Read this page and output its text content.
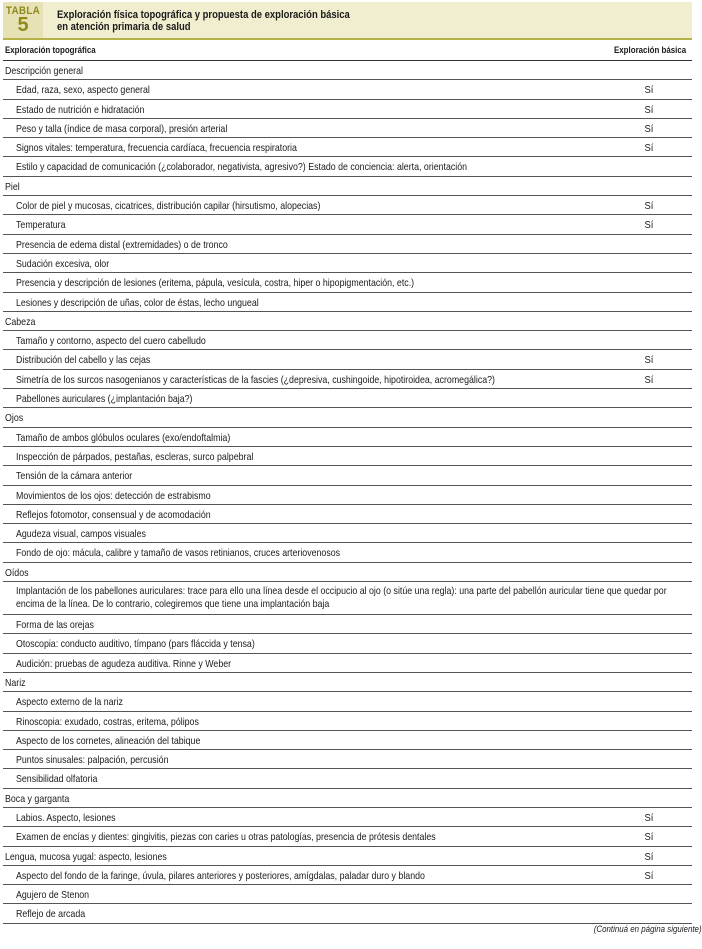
TABLA
5	Exploración física topográfica y propuesta de exploración básica
en atención primaria de salud
Exploración topográfica	Exploración básica
Descripción general
Edad, raza, sexo, aspecto general	Sí
Estado de nutrición e hidratación	Sí
Peso y talla (índice de masa corporal), presión arterial	Sí
Signos vitales: temperatura, frecuencia cardíaca, frecuencia respiratoria	Sí
Estilo y capacidad de comunicación (¿colaborador, negativista, agresivo?) Estado de conciencia: alerta, orientación
Piel
Color de piel y mucosas, cicatrices, distribución capilar (hirsutismo, alopecias)	Sí
Temperatura	Sí
Presencia de edema distal (extremidades) o de tronco
Sudación excesiva, olor
Presencia y descripción de lesiones (eritema, pápula, vesícula, costra, hiper o hipopigmentación, etc.)
Lesiones y descripción de uñas, color de éstas, lecho ungueal
Cabeza
Tamaño y contorno, aspecto del cuero cabelludo
Distribución del cabello y las cejas	Sí
Simetría de los surcos nasogenianos y características de la fascies (¿depresiva, cushingoide, hipotiroidea, acromegálica?)	Sí
Pabellones auriculares (¿implantación baja?)
Ojos
Tamaño de ambos glóbulos oculares (exo/endoftalmia)
Inspección de párpados, pestañas, escleras, surco palpebral
Tensión de la cámara anterior
Movimientos de los ojos: detección de estrabismo
Reflejos fotomotor, consensual y de acomodación
Agudeza visual, campos visuales
Fondo de ojo: mácula, calibre y tamaño de vasos retinianos, cruces arteriovenosos
Oídos
Implantación de los pabellones auriculares: trace para ello una línea desde el occipucio al ojo (o sitúe una regla): una parte del pabellón auricular tiene que quedar por encima de la línea. De lo contrario, colegiremos que tiene una implantación baja
Forma de las orejas
Otoscopia: conducto auditivo, tímpano (pars fláccida y tensa)
Audición: pruebas de agudeza auditiva. Rinne y Weber
Nariz
Aspecto externo de la nariz
Rinoscopia: exudado, costras, eritema, pólipos
Aspecto de los cornetes, alineación del tabique
Puntos sinusales: palpación, percusión
Sensibilidad olfatoria
Boca y garganta
Labios. Aspecto, lesiones	Sí
Examen de encías y dientes: gingivitis, piezas con caries u otras patologías, presencia de prótesis dentales	Sí
Lengua, mucosa yugal: aspecto, lesiones	Sí
Aspecto del fondo de la faringe, úvula, pilares anteriores y posteriores, amígdalas, paladar duro y blando	Sí
Agujero de Stenon
Reflejo de arcada
(Continuá en página siguiente)
